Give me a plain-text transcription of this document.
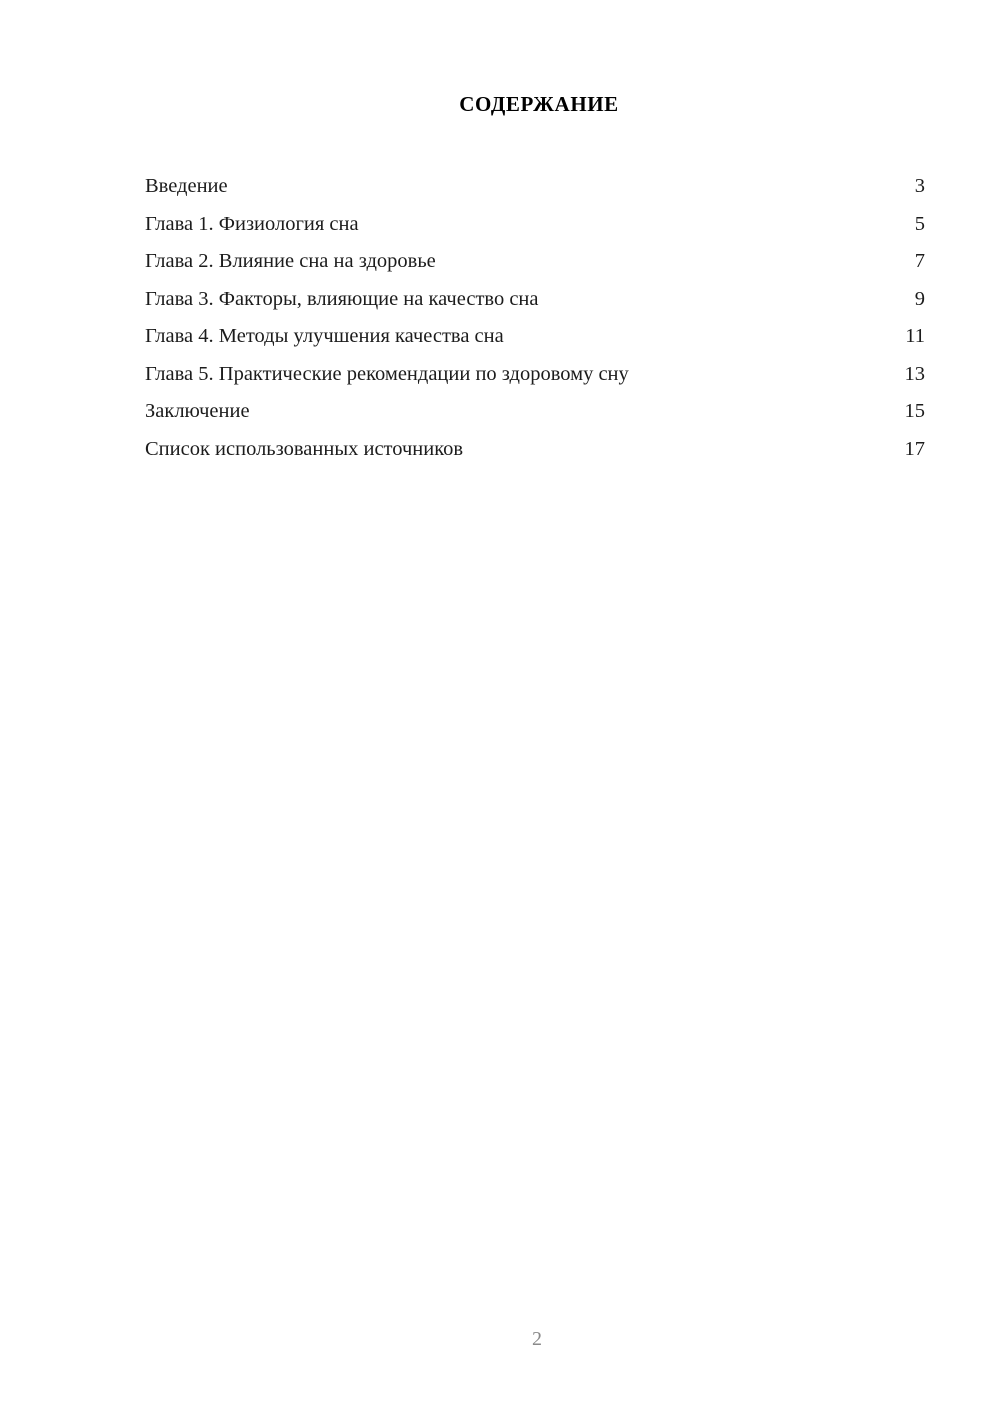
СОДЕРЖАНИЕ
Введение	3
Глава 1. Физиология сна	5
Глава 2. Влияние сна на здоровье	7
Глава 3. Факторы, влияющие на качество сна	9
Глава 4. Методы улучшения качества сна	11
Глава 5. Практические рекомендации по здоровому сну	13
Заключение	15
Список использованных источников	17
2
